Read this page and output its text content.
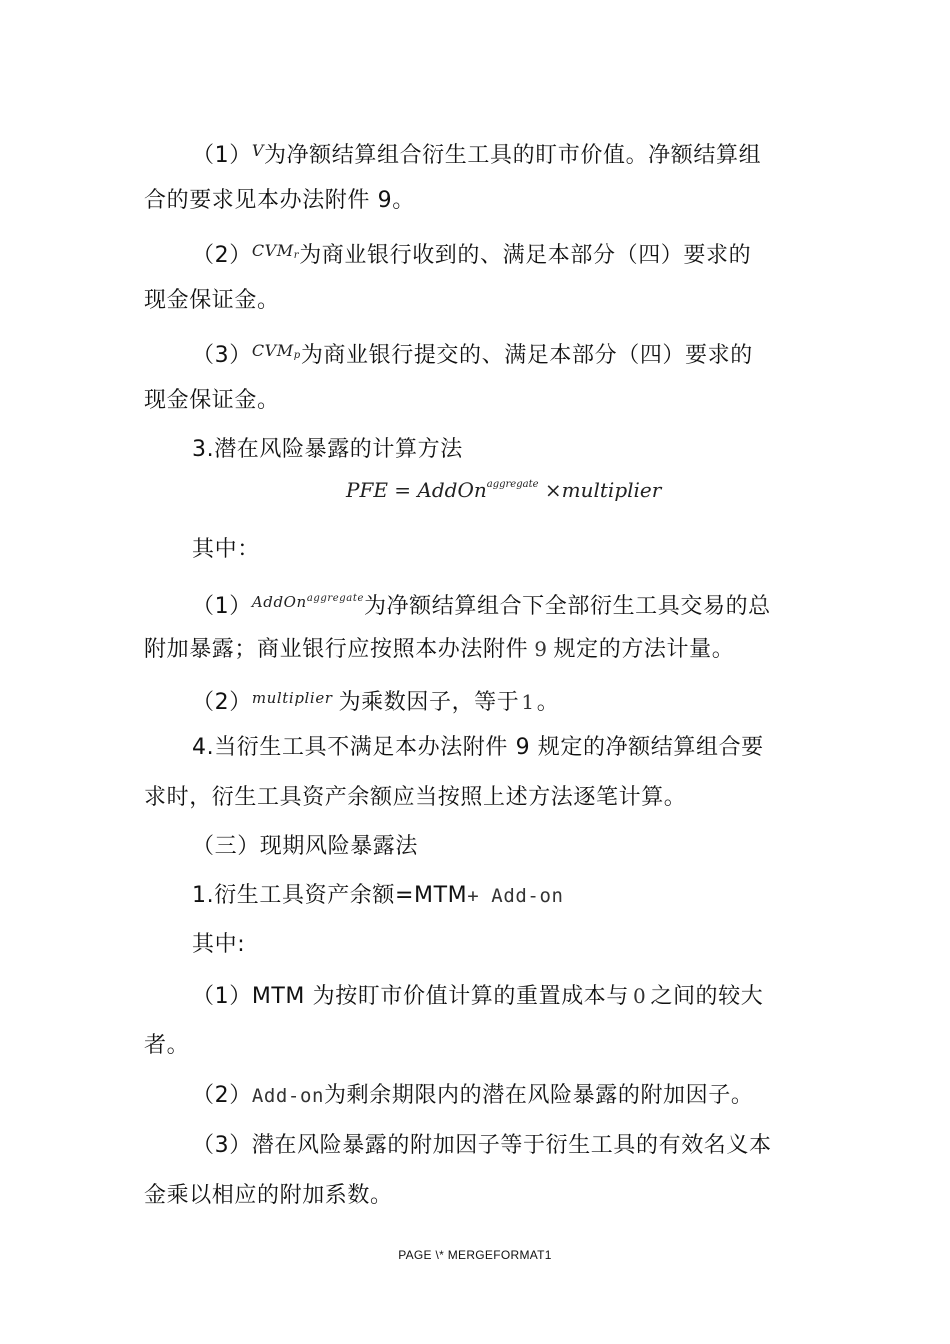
$(1)^V$为净额结算组合衍生工具的盯市价值。净额结算组
合的要求见本办法附件 9。
$(2)^{CVM_r}$为商业银行收到的、满足本部分（四）要求的
现金保证金。
$(3)^{CVM_p}$为商业银行提交的、满足本部分（四）要求的
现金保证金。
3.潜在风险暴露的计算方法
PFE = AddOn$^{aggregate}$ ×multiplier
其中：
$(1)^{AddOn^{aggregate}}$为净额结算组合下全部衍生工具交易的总
附加暴露；商业银行应按照本办法附件 9 规定的方法计量。
$(2)^{multiplier}$ 为乘数因子，等于 1。
4.当衍生工具不满足本办法附件 9 规定的净额结算组合要
求时，衍生工具资产余额应当按照上述方法逐笔计算。
（三）现期风险暴露法
1.衍生工具资产余额=MTM+ Add-on
其中:
（1）MTM 为按盯市价值计算的重置成本与 0 之间的较大
者。
（2）Add-on为剩余期限内的潜在风险暴露的附加因子。
（3）潜在风险暴露的附加因子等于衍生工具的有效名义本
金乘以相应的附加系数。
PAGE \* MERGEFORMAT1
